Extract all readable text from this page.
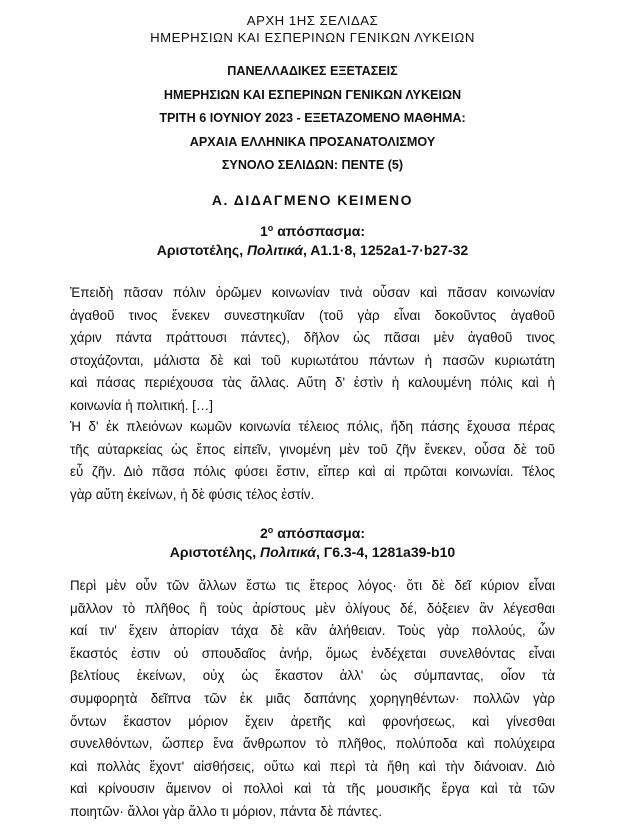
ΑΡΧΗ 1ΗΣ ΣΕΛΙΔΑΣ
ΗΜΕΡΗΣΙΩΝ ΚΑΙ ΕΣΠΕΡΙΝΩΝ ΓΕΝΙΚΩΝ ΛΥΚΕΙΩΝ
ΠΑΝΕΛΛΑΔΙΚΕΣ ΕΞΕΤΑΣΕΙΣ
ΗΜΕΡΗΣΙΩΝ ΚΑΙ ΕΣΠΕΡΙΝΩΝ ΓΕΝΙΚΩΝ ΛΥΚΕΙΩΝ
ΤΡΙΤΗ 6 ΙΟΥΝΙΟΥ 2023 - ΕΞΕΤΑΖΟΜΕΝΟ ΜΑΘΗΜΑ:
ΑΡΧΑΙΑ ΕΛΛΗΝΙΚΑ ΠΡΟΣΑΝΑΤΟΛΙΣΜΟΥ
ΣΥΝΟΛΟ ΣΕΛΙΔΩΝ: ΠΕΝΤΕ (5)
Α. ΔΙΔΑΓΜΕΝΟ ΚΕΙΜΕΝΟ
$1^o$ απόσπασμα:
Αριστοτέλης, Πολιτικά, Α1.1·8, 1252a1-7·b27-32
Ἐπειδὴ πᾶσαν πόλιν ὁρῶμεν κοινωνίαν τινὰ οὖσαν καὶ πᾶσαν κοινωνίαν
ἀγαθοῦ τινος ἕνεκεν συνεστηκυῖαν (τοῦ γὰρ εἶναι δοκοῦντος ἀγαθοῦ
χάριν πάντα πράττουσι πάντες), δῆλον ὡς πᾶσαι μὲν ἀγαθοῦ τινος
στοχάζονται, μάλιστα δὲ καὶ τοῦ κυριωτάτου πάντων ἡ πασῶν κυριωτάτη
καὶ πάσας περιέχουσα τὰς ἄλλας. Αὕτη δ' ἐστὶν ἡ καλουμένη πόλις καὶ ἡ
κοινωνία ἡ πολιτική. […]
Ἡ δ' ἐκ πλειόνων κωμῶν κοινωνία τέλειος πόλις, ἤδη πάσης ἔχουσα πέρας
τῆς αὐταρκείας ὡς ἔπος εἰπεῖν, γινομένη μὲν τοῦ ζῆν ἕνεκεν, οὖσα δὲ τοῦ
εὖ ζῆν. Διὸ πᾶσα πόλις φύσει ἔστιν, εἴπερ καὶ αἱ πρῶται κοινωνίαι. Τέλος
γὰρ αὕτη ἐκείνων, ἡ δὲ φύσις τέλος ἐστίν.
$2^o$ απόσπασμα:
Αριστοτέλης, Πολιτικά, Γ6.3-4, 1281a39-b10
Περὶ μὲν οὖν τῶν ἄλλων ἔστω τις ἕτερος λόγος· ὅτι δὲ δεῖ κύριον εἶναι
μᾶλλον τὸ πλῆθος ἢ τοὺς ἀρίστους μὲν ὀλίγους δέ, δόξειεν ἂν λέγεσθαι
καί τιν' ἔχειν ἀπορίαν τάχα δὲ κἂν ἀλήθειαν. Τοὺς γὰρ πολλούς, ὧν
ἕκαστός ἐστιν οὐ σπουδαῖος ἀνήρ, ὅμως ἐνδέχεται συνελθόντας εἶναι
βελτίους ἐκείνων, οὐχ ὡς ἕκαστον ἀλλ' ὡς σύμπαντας, οἷον τὰ
συμφορητὰ δεῖπνα τῶν ἐκ μιᾶς δαπάνης χορηγηθέντων· πολλῶν γὰρ
ὄντων ἕκαστον μόριον ἔχειν ἀρετῆς καὶ φρονήσεως, καὶ γίνεσθαι
συνελθόντων, ὥσπερ ἕνα ἄνθρωπον τὸ πλῆθος, πολύποδα καὶ πολύχειρα
καὶ πολλὰς ἔχοντ' αἰσθήσεις, οὕτω καὶ περὶ τὰ ἤθη καὶ τὴν διάνοιαν. Διὸ
καὶ κρίνουσιν ἄμεινον οἱ πολλοὶ καὶ τὰ τῆς μουσικῆς ἔργα καὶ τὰ τῶν
ποιητῶν· ἄλλοι γὰρ ἄλλο τι μόριον, πάντα δὲ πάντες.
